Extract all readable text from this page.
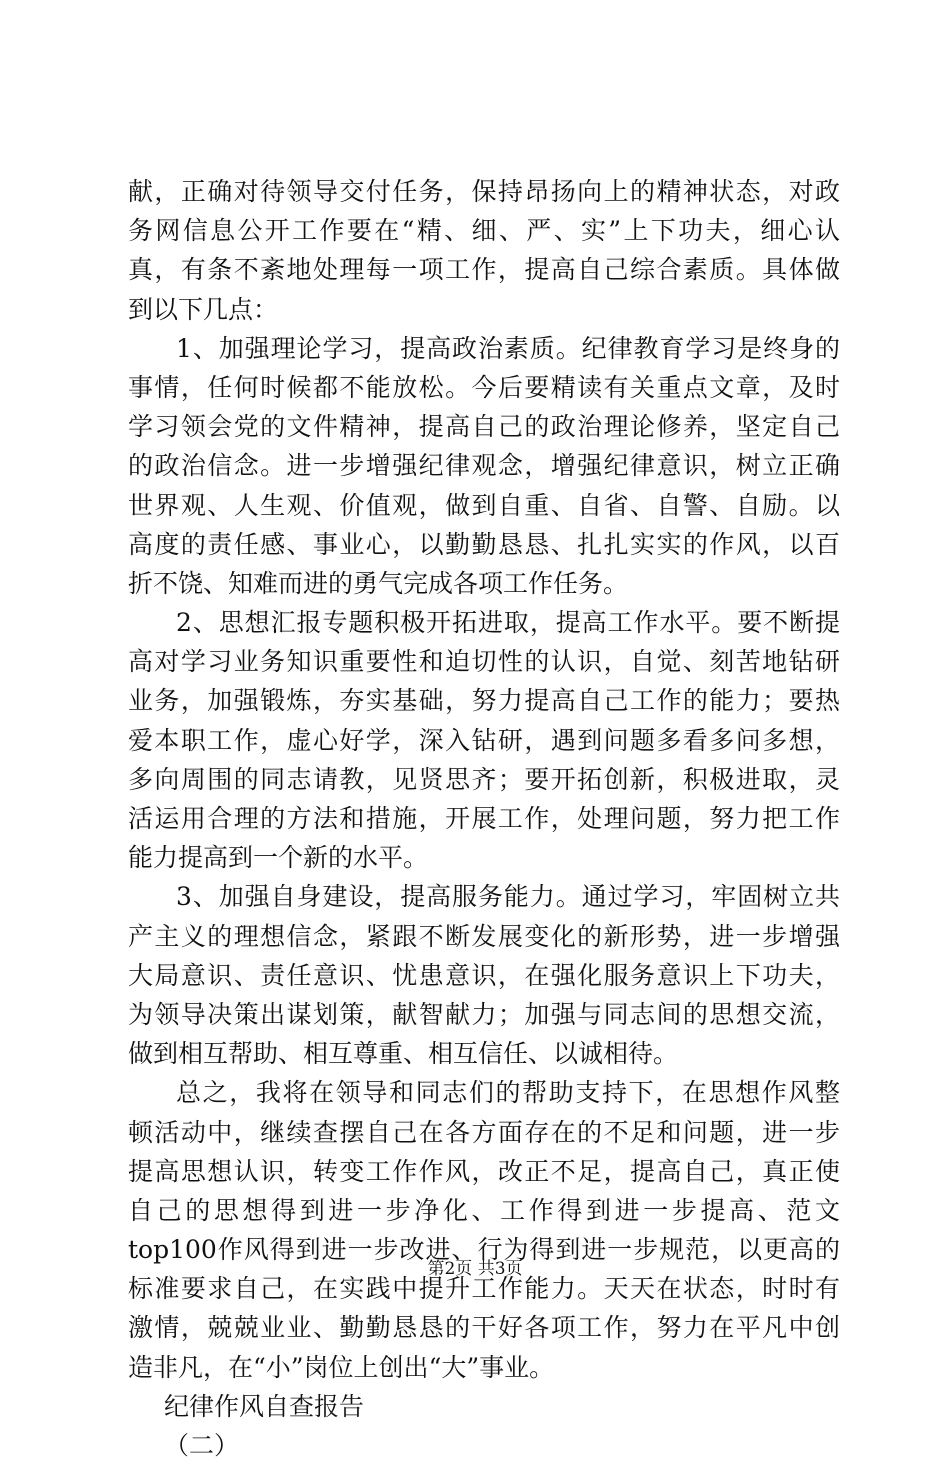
献，正确对待领导交付任务，保持昂扬向上的精神状态，对政
务网信息公开工作要在“精、细、严、实”上下功夫，细心认
真，有条不紊地处理每一项工作，提高自己综合素质。具体做
到以下几点：
1、加强理论学习，提高政治素质。纪律教育学习是终身的
事情，任何时候都不能放松。今后要精读有关重点文章，及时
学习领会党的文件精神，提高自己的政治理论修养，坚定自己
的政治信念。进一步增强纪律观念，增强纪律意识，树立正确
世界观、人生观、价值观，做到自重、自省、自警、自励。以
高度的责任感、事业心，以勤勤恳恳、扎扎实实的作风，以百
折不饶、知难而进的勇气完成各项工作任务。
2、思想汇报专题积极开拓进取，提高工作水平。要不断提
高对学习业务知识重要性和迫切性的认识，自觉、刻苦地钻研
业务，加强锻炼，夯实基础，努力提高自己工作的能力；要热
爱本职工作，虚心好学，深入钻研，遇到问题多看多问多想，
多向周围的同志请教，见贤思齐；要开拓创新，积极进取，灵
活运用合理的方法和措施，开展工作，处理问题，努力把工作
能力提高到一个新的水平。
3、加强自身建设，提高服务能力。通过学习，牢固树立共
产主义的理想信念，紧跟不断发展变化的新形势，进一步增强
大局意识、责任意识、忧患意识，在强化服务意识上下功夫，
为领导决策出谋划策，献智献力；加强与同志间的思想交流，
做到相互帮助、相互尊重、相互信任、以诚相待。
总之，我将在领导和同志们的帮助支持下，在思想作风整
顿活动中，继续查摆自己在各方面存在的不足和问题，进一步
提高思想认识，转变工作作风，改正不足，提高自己，真正使
自己的思想得到进一步净化、工作得到进一步提高、范文
top100作风得到进一步改进、行为得到进一步规范，以更高的
标准要求自己，在实践中提升工作能力。天天在状态，时时有
激情，兢兢业业、勤勤恳恳的干好各项工作，努力在平凡中创
造非凡，在“小”岗位上创出“大”事业。
纪律作风自查报告
（二）
第2页 共3页
